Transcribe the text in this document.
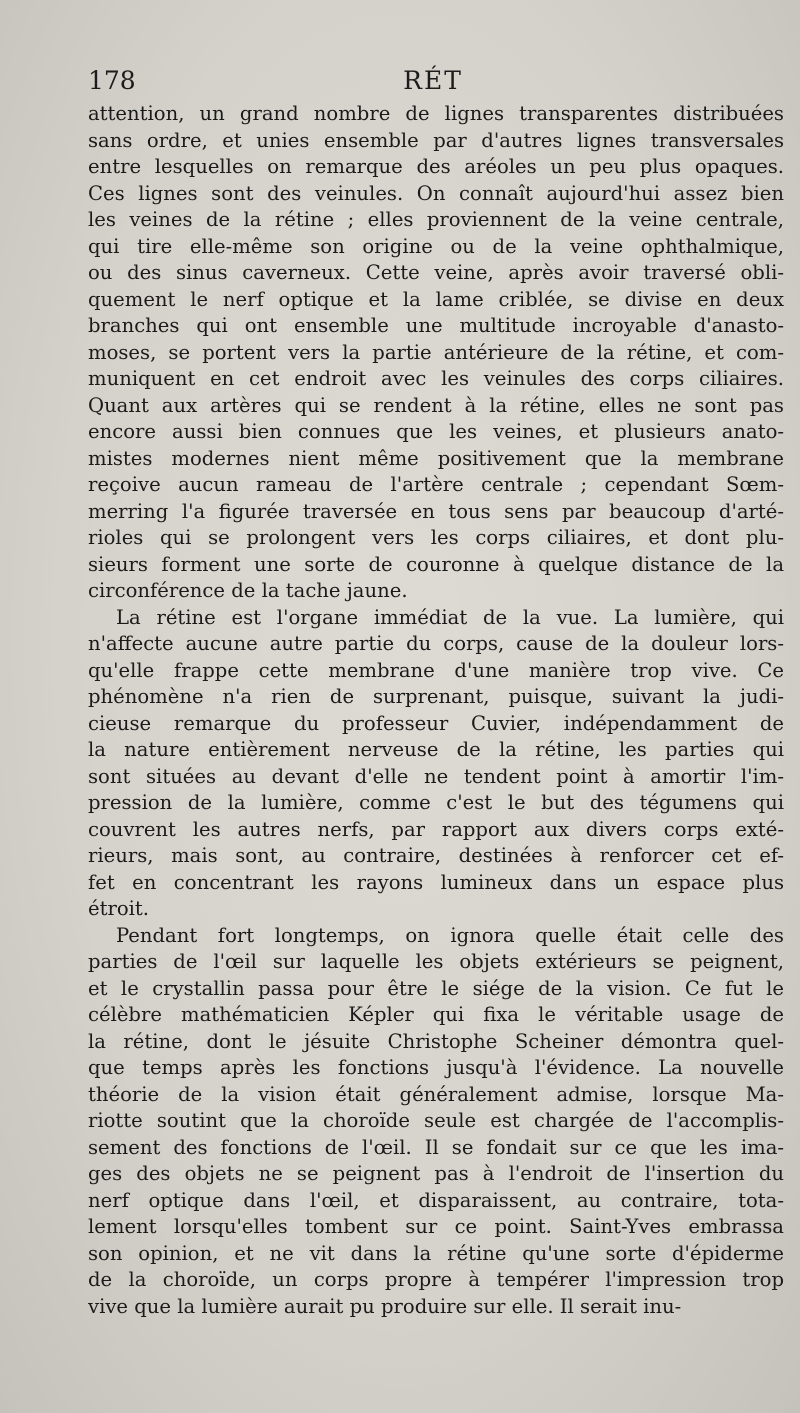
178	RÉT
attention, un grand nombre de lignes transparentes distribuées
sans ordre, et unies ensemble par d'autres lignes transversales
entre lesquelles on remarque des aréoles un peu plus opaques.
Ces lignes sont des veinules. On connaît aujourd'hui assez bien
les veines de la rétine ; elles proviennent de la veine centrale,
qui tire elle-même son origine ou de la veine ophthalmique,
ou des sinus caverneux. Cette veine, après avoir traversé obli-
quement le nerf optique et la lame criblée, se divise en deux
branches qui ont ensemble une multitude incroyable d'anasto-
moses, se portent vers la partie antérieure de la rétine, et com-
muniquent en cet endroit avec les veinules des corps ciliaires.
Quant aux artères qui se rendent à la rétine, elles ne sont pas
encore aussi bien connues que les veines, et plusieurs anato-
mistes modernes nient même positivement que la membrane
reçoive aucun rameau de l'artère centrale ; cependant Sœm-
merring l'a figurée traversée en tous sens par beaucoup d'arté-
rioles qui se prolongent vers les corps ciliaires, et dont plu-
sieurs forment une sorte de couronne à quelque distance de la
circonférence de la tache jaune.
La rétine est l'organe immédiat de la vue. La lumière, qui
n'affecte aucune autre partie du corps, cause de la douleur lors-
qu'elle frappe cette membrane d'une manière trop vive. Ce
phénomène n'a rien de surprenant, puisque, suivant la judi-
cieuse remarque du professeur Cuvier, indépendamment de
la nature entièrement nerveuse de la rétine, les parties qui
sont situées au devant d'elle ne tendent point à amortir l'im-
pression de la lumière, comme c'est le but des tégumens qui
couvrent les autres nerfs, par rapport aux divers corps exté-
rieurs, mais sont, au contraire, destinées à renforcer cet ef-
fet en concentrant les rayons lumineux dans un espace plus
étroit.
Pendant fort longtemps, on ignora quelle était celle des
parties de l'œil sur laquelle les objets extérieurs se peignent,
et le crystallin passa pour être le siége de la vision. Ce fut le
célèbre mathématicien Képler qui fixa le véritable usage de
la rétine, dont le jésuite Christophe Scheiner démontra quel-
que temps après les fonctions jusqu'à l'évidence. La nouvelle
théorie de la vision était généralement admise, lorsque Ma-
riotte soutint que la choroïde seule est chargée de l'accomplis-
sement des fonctions de l'œil. Il se fondait sur ce que les ima-
ges des objets ne se peignent pas à l'endroit de l'insertion du
nerf optique dans l'œil, et disparaissent, au contraire, tota-
lement lorsqu'elles tombent sur ce point. Saint-Yves embrassa
son opinion, et ne vit dans la rétine qu'une sorte d'épiderme
de la choroïde, un corps propre à tempérer l'impression trop
vive que la lumière aurait pu produire sur elle. Il serait inu-
